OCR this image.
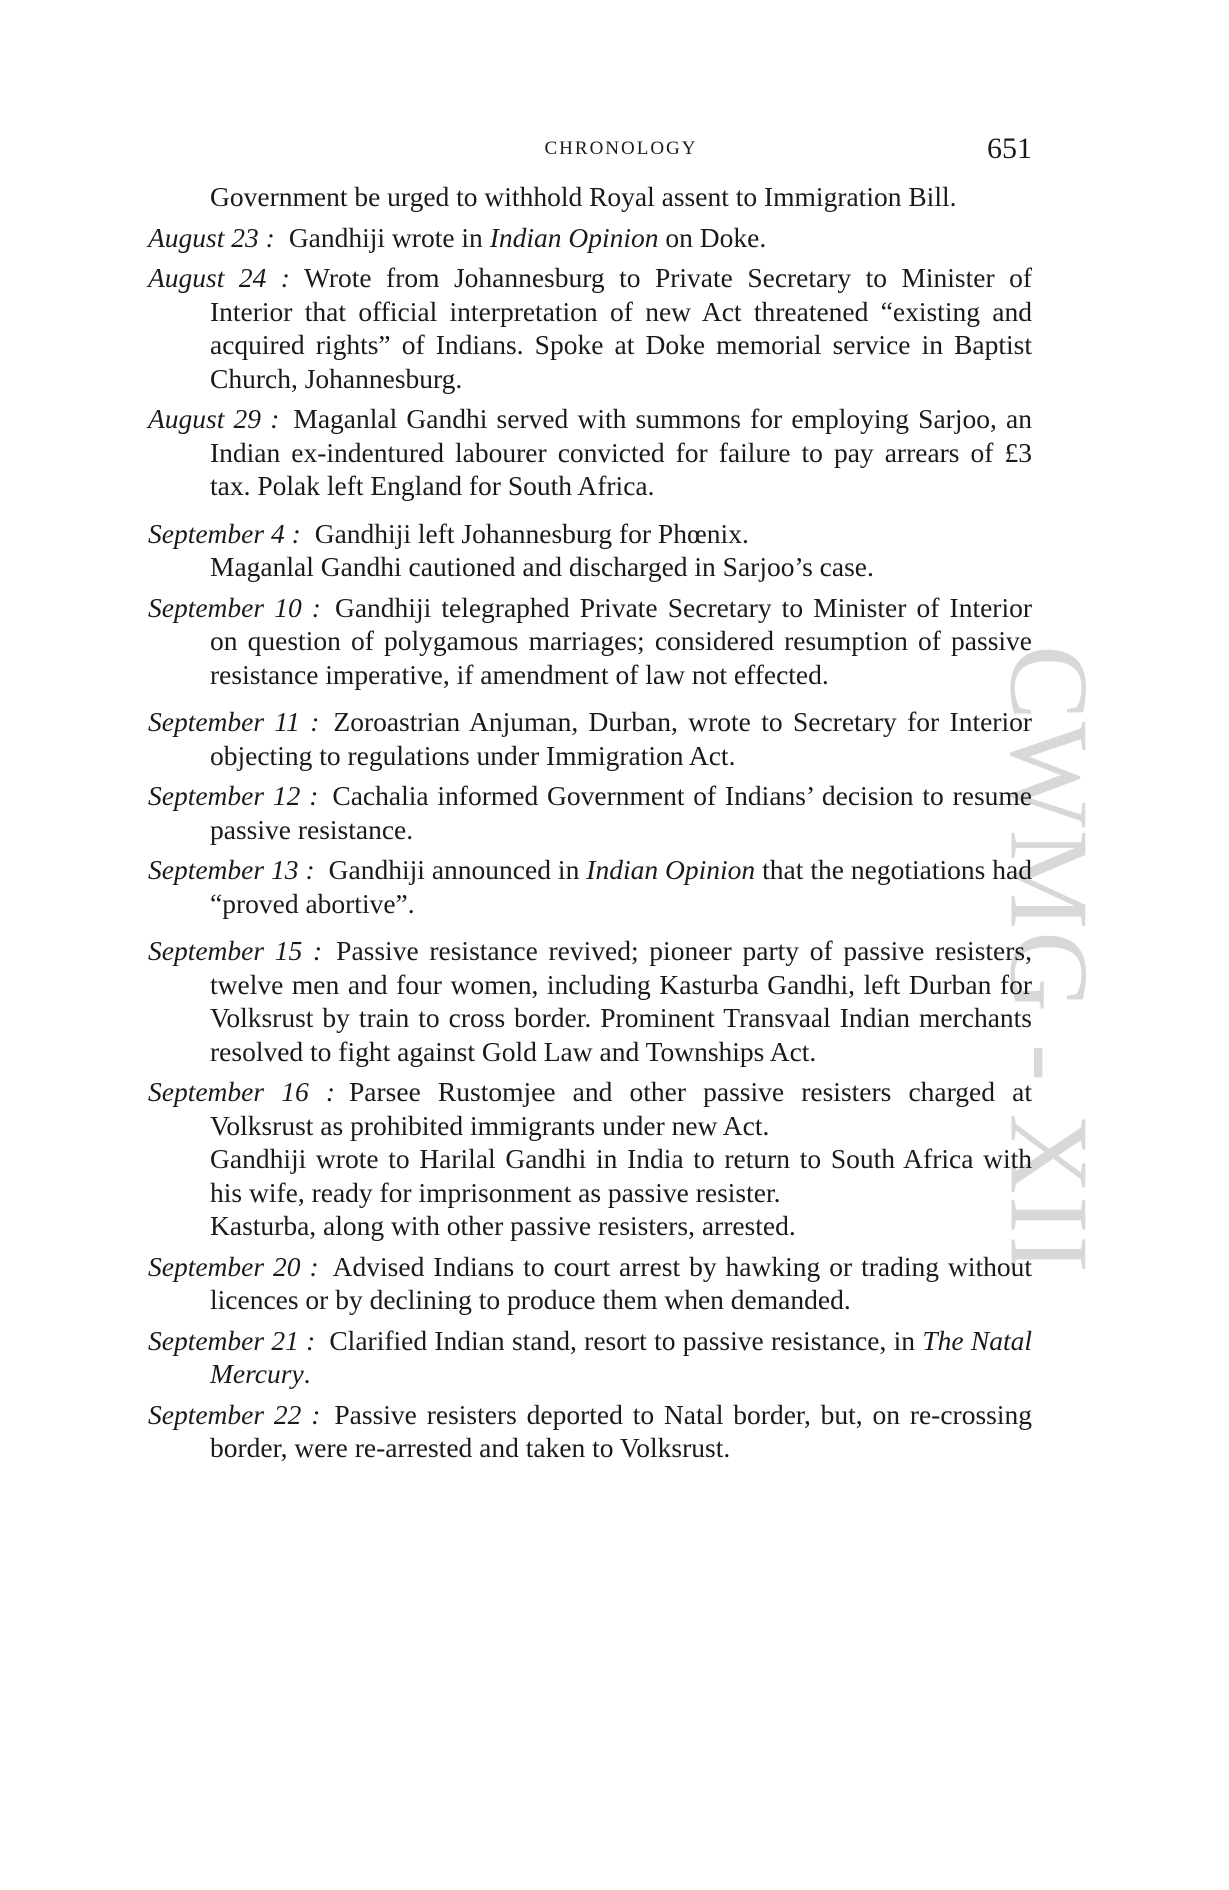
CHRONOLOGY	651
CWMG - XII

Government be urged to withhold Royal assent to Immigration Bill.

August 23 : Gandhiji wrote in Indian Opinion on Doke.

August 24 : Wrote from Johannesburg to Private Secretary to Minister of Interior that official interpretation of new Act threatened “existing and acquired rights” of Indians. Spoke at Doke memorial service in Baptist Church, Johannesburg.

August 29 : Maganlal Gandhi served with summons for employing Sarjoo, an Indian ex-indentured labourer convicted for failure to pay arrears of £3 tax. Polak left England for South Africa.

September 4 : Gandhiji left Johannesburg for Phœnix.

Maganlal Gandhi cautioned and discharged in Sarjoo’s case.

September 10 : Gandhiji telegraphed Private Secretary to Minister of Interior on question of polygamous marriages; considered resumption of passive resistance imperative, if amendment of law not effected.

September 11 : Zoroastrian Anjuman, Durban, wrote to Secretary for Interior objecting to regulations under Immigration Act.

September 12 : Cachalia informed Government of Indians’ decision to resume passive resistance.

September 13 : Gandhiji announced in Indian Opinion that the negotiations had “proved abortive”.

September 15 : Passive resistance revived; pioneer party of passive resisters, twelve men and four women, including Kasturba Gandhi, left Durban for Volksrust by train to cross border. Prominent Transvaal Indian merchants resolved to fight against Gold Law and Townships Act.

September 16 : Parsee Rustomjee and other passive resisters charged at Volksrust as prohibited immigrants under new Act.

Gandhiji wrote to Harilal Gandhi in India to return to South Africa with his wife, ready for imprisonment as passive resister.

Kasturba, along with other passive resisters, arrested.

September 20 : Advised Indians to court arrest by hawking or trading without licences or by declining to produce them when demanded.

September 21 : Clarified Indian stand, resort to passive resistance, in The Natal Mercury.

September 22 : Passive resisters deported to Natal border, but, on re-crossing border, were re-arrested and taken to Volksrust.
